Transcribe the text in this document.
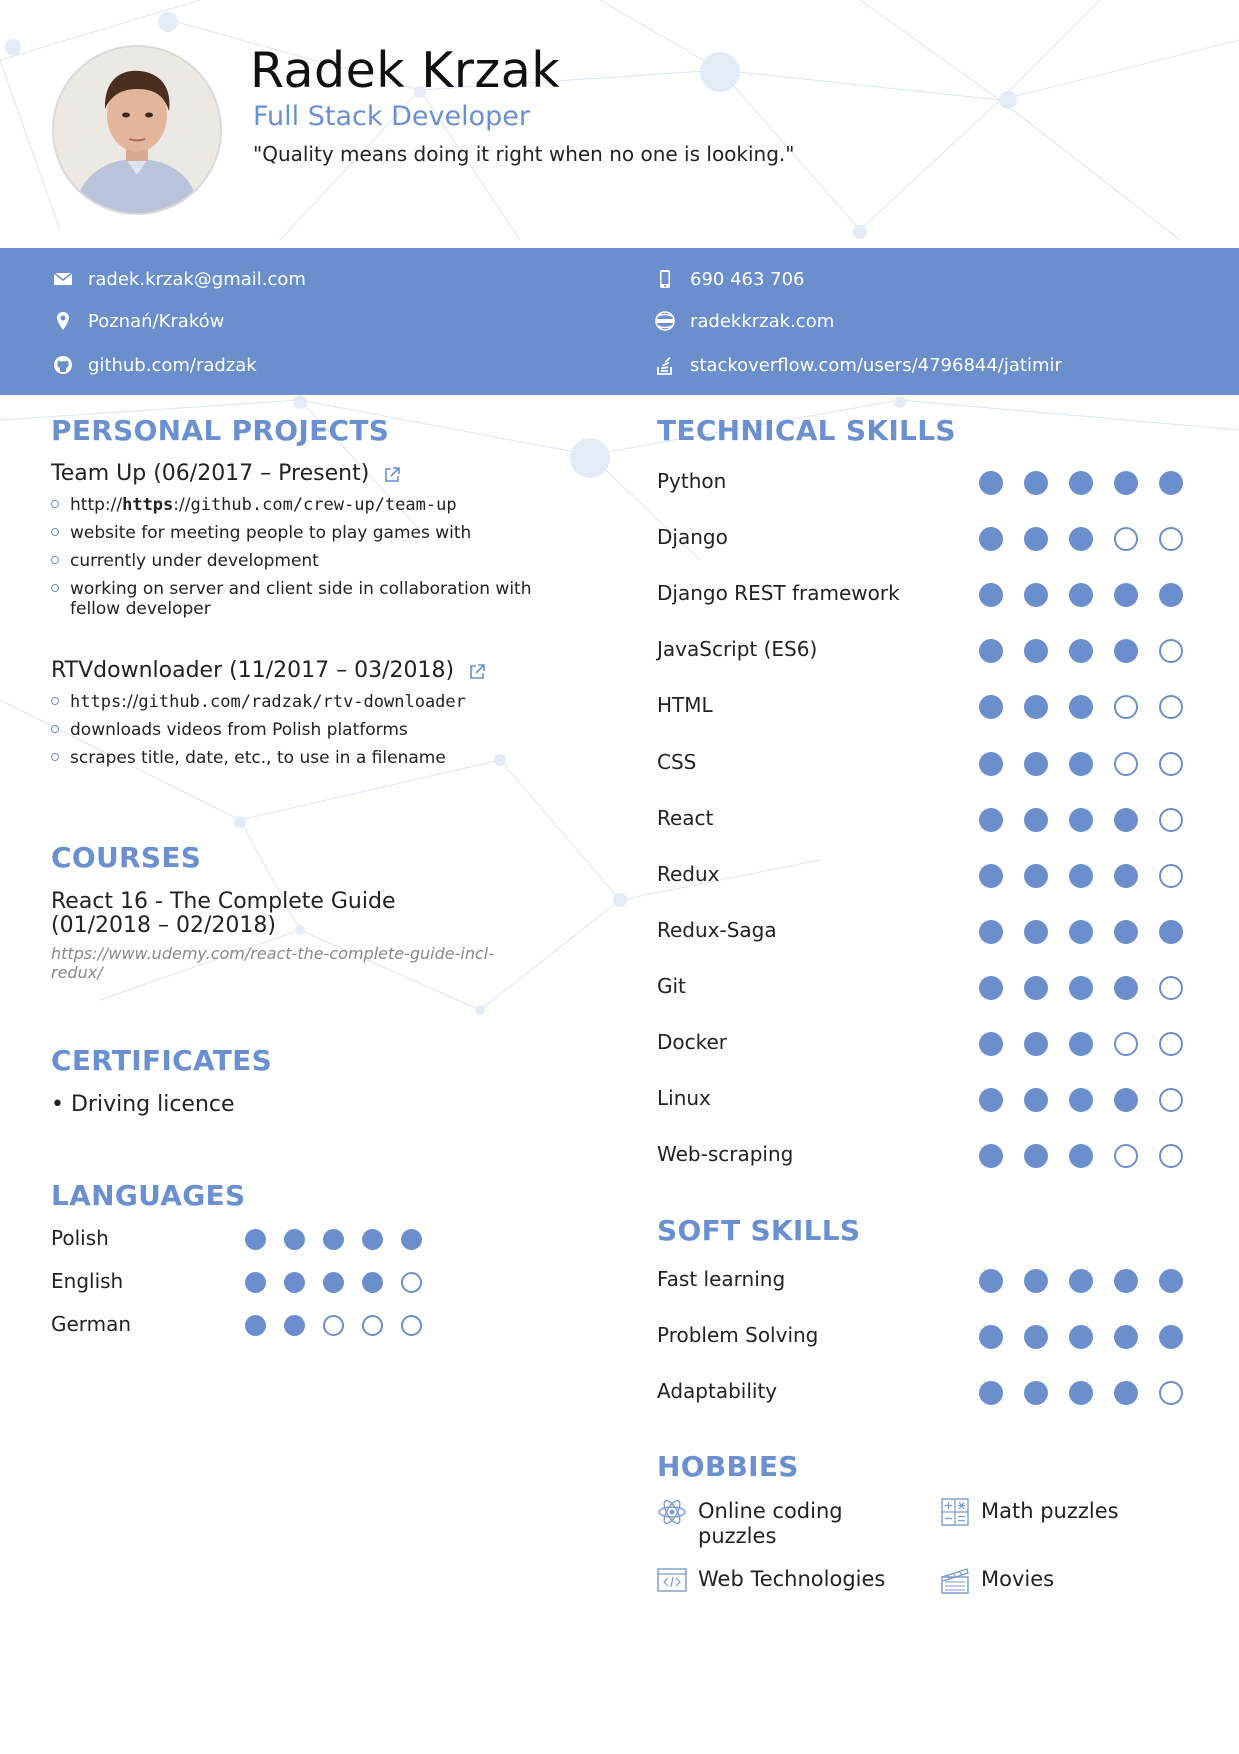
Radek Krzak
Full Stack Developer
"Quality means doing it right when no one is looking."
radek.krzak@gmail.com
Poznań/Kraków
github.com/radzak
690 463 706
radekkrzak.com
stackoverflow.com/users/4796844/jatimir
PERSONAL PROJECTS
Team Up (06/2017 – Present)
http://https://github.com/crew-up/team-up
website for meeting people to play games with
currently under development
working on server and client side in collaboration with fellow developer
RTVdownloader (11/2017 – 03/2018)
https://github.com/radzak/rtv-downloader
downloads videos from Polish platforms
scrapes title, date, etc., to use in a filename
COURSES
React 16 - The Complete Guide
(01/2018 – 02/2018)
https://www.udemy.com/react-the-complete-guide-incl-redux/
CERTIFICATES
• Driving licence
LANGUAGES
Polish
English
German
TECHNICAL SKILLS
Python
Django
Django REST framework
JavaScript (ES6)
HTML
CSS
React
Redux
Redux-Saga
Git
Docker
Linux
Web-scraping
SOFT SKILLS
Fast learning
Problem Solving
Adaptability
HOBBIES
Online coding
puzzles
Math puzzles
Web Technologies	Movies
